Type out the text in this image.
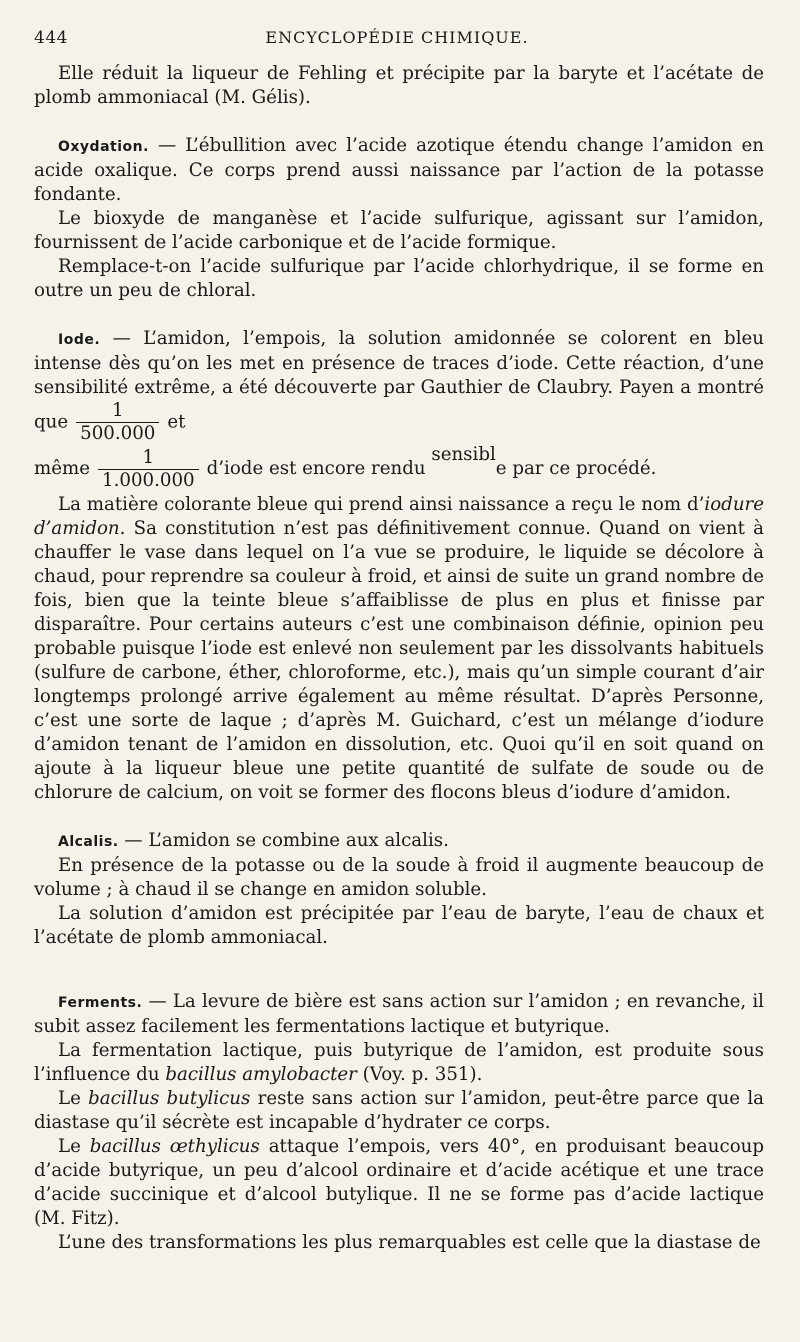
444	ENCYCLOPÉDIE CHIMIQUE.

Elle réduit la liqueur de Fehling et précipite par la baryte et l’acétate de plomb ammoniacal (M. Gélis).

Oxydation. — L’ébullition avec l’acide azotique étendu change l’amidon en acide oxalique. Ce corps prend aussi naissance par l’action de la potasse fondante.

Le bioxyde de manganèse et l’acide sulfurique, agissant sur l’amidon, fournissent de l’acide carbonique et de l’acide formique.

Remplace-t-on l’acide sulfurique par l’acide chlorhydrique, il se forme en outre un peu de chloral.

Iode. — L’amidon, l’empois, la solution amidonnée se colorent en bleu intense dès qu’on les met en présence de traces d’iode. Cette réaction, d’une sensibilité extrême, a été découverte par Gauthier de Claubry. Payen a montré que $\frac{1}{500.000}$ et

même $\frac{1}{1.000.000}$ d’iode est encore rendu sensible par ce procédé.

La matière colorante bleue qui prend ainsi naissance a reçu le nom d’iodure d’amidon. Sa constitution n’est pas définitivement connue. Quand on vient à chauffer le vase dans lequel on l’a vue se produire, le liquide se décolore à chaud, pour reprendre sa couleur à froid, et ainsi de suite un grand nombre de fois, bien que la teinte bleue s’affaiblisse de plus en plus et finisse par disparaître. Pour certains auteurs c’est une combinaison définie, opinion peu probable puisque l’iode est enlevé non seulement par les dissolvants habituels (sulfure de carbone, éther, chloroforme, etc.), mais qu’un simple courant d’air longtemps prolongé arrive également au même résultat. D’après Personne, c’est une sorte de laque ; d’après M. Guichard, c’est un mélange d’iodure d’amidon tenant de l’amidon en dissolution, etc. Quoi qu’il en soit quand on ajoute à la liqueur bleue une petite quantité de sulfate de soude ou de chlorure de calcium, on voit se former des flocons bleus d’iodure d’amidon.

Alcalis. — L’amidon se combine aux alcalis.

En présence de la potasse ou de la soude à froid il augmente beaucoup de volume ; à chaud il se change en amidon soluble.

La solution d’amidon est précipitée par l’eau de baryte, l’eau de chaux et l’acétate de plomb ammoniacal.

Ferments. — La levure de bière est sans action sur l’amidon ; en revanche, il subit assez facilement les fermentations lactique et butyrique.

La fermentation lactique, puis butyrique de l’amidon, est produite sous l’influence du bacillus amylobacter (Voy. p. 351).

Le bacillus butylicus reste sans action sur l’amidon, peut-être parce que la diastase qu’il sécrète est incapable d’hydrater ce corps.

Le bacillus œthylicus attaque l’empois, vers 40°, en produisant beaucoup d’acide butyrique, un peu d’alcool ordinaire et d’acide acétique et une trace d’acide succinique et d’alcool butylique. Il ne se forme pas d’acide lactique (M. Fitz).

L’une des transformations les plus remarquables est celle que la diastase de
